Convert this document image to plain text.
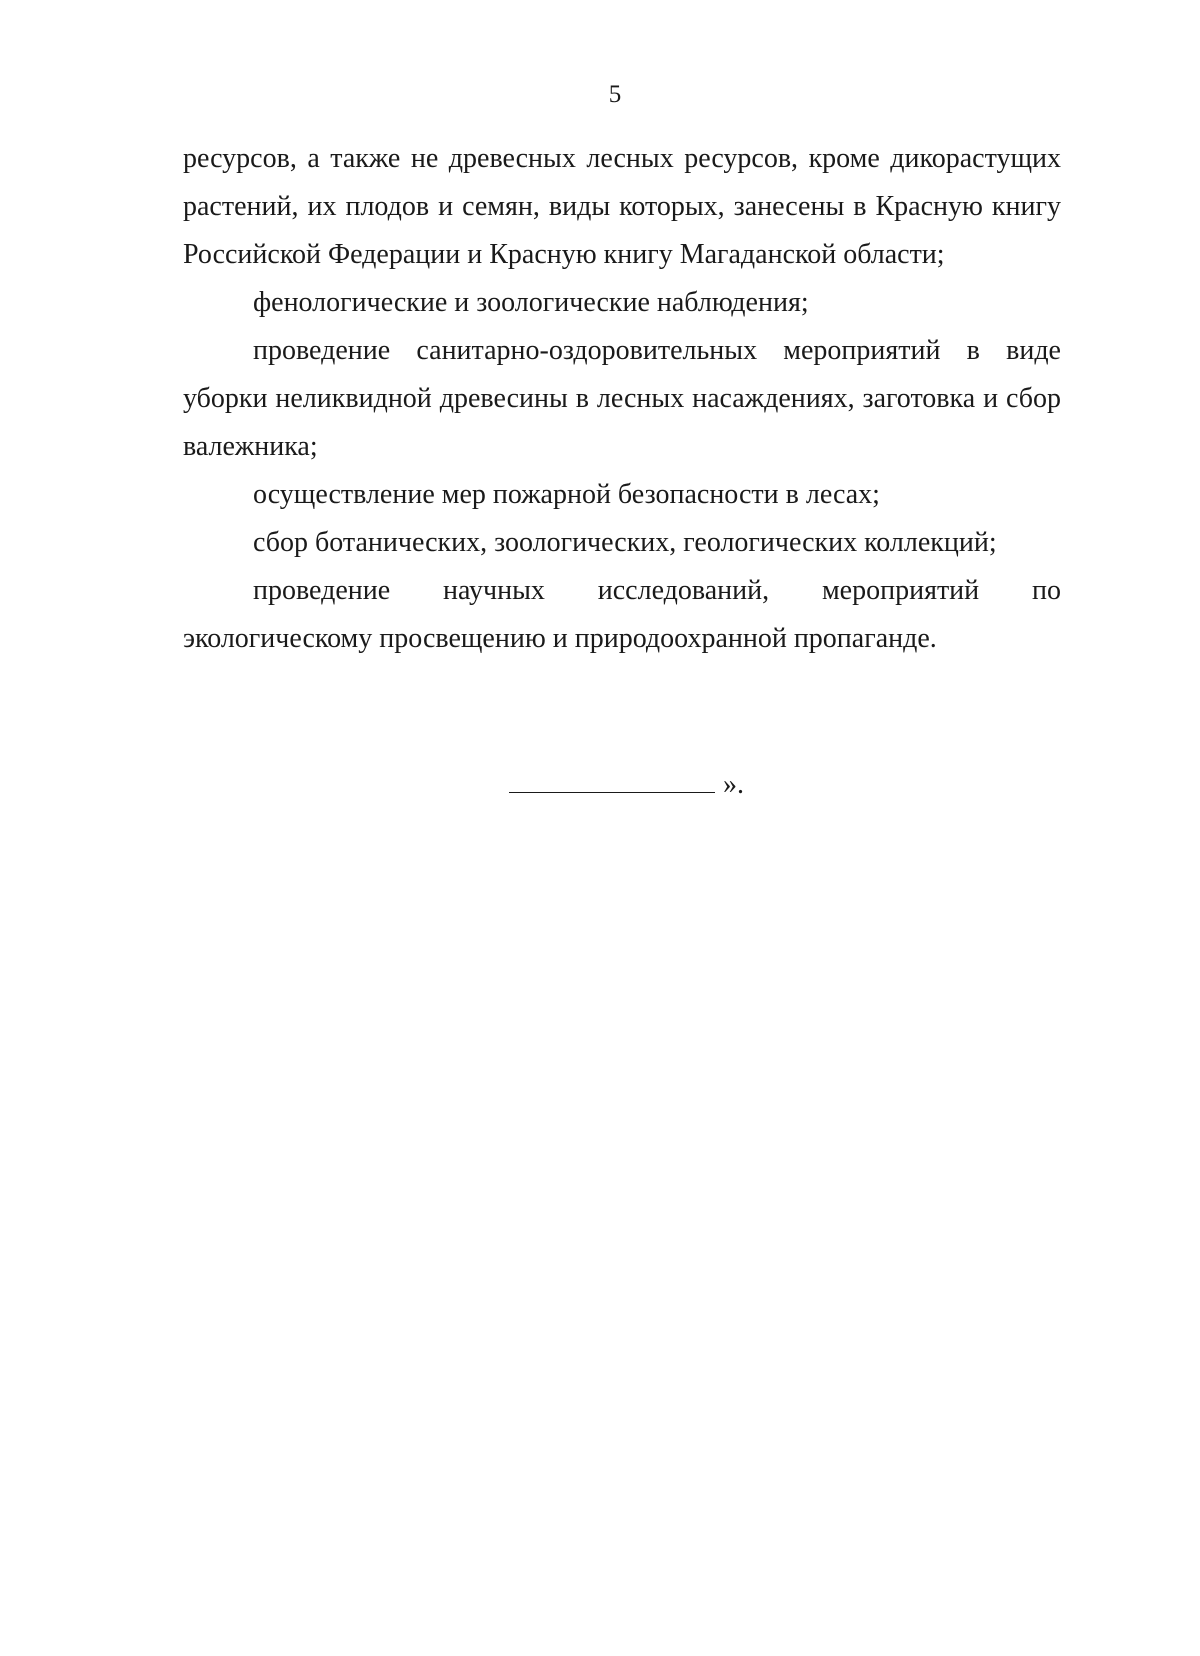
5

ресурсов, а также не древесных лесных ресурсов, кроме дикорастущих растений, их плодов и семян, виды которых, занесены в Красную книгу Российской Федерации и Красную книгу Магаданской области;

фенологические и зоологические наблюдения;

проведение санитарно-оздоровительных мероприятий в виде уборки неликвидной древесины в лесных насаждениях, заготовка и сбор валежника;

осуществление мер пожарной безопасности в лесах;

сбор ботанических, зоологических, геологических коллекций;

проведение научных исследований, мероприятий по экологическому просвещению и природоохранной пропаганде.

».
